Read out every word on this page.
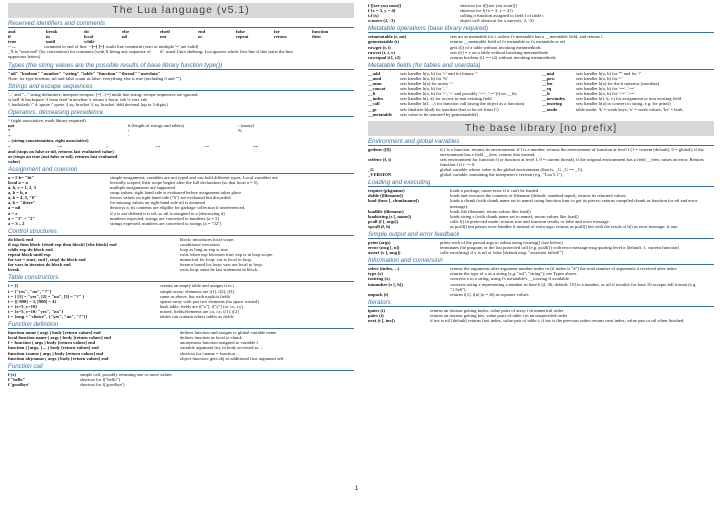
The Lua language (v5.1)
Reserved identifiers and comments
and	break	do	else	elseif	end	false	for	function
if	in	local	nil	not	or	repeat	return	then
true	until	while
-- ...	comment to end of line --[=[ ]=] multi line comment (zero or multiple '=' are valid)
_X is "reserved" (by convention) for constants (with X being any sequence of uppercase letters)
#! usual Unix shebang; Lua ignores whole first line if this starts the line.
Types (the string values are the possible results of base library function type())
"nil" "boolean" "number" "string" "table" "function" "thread" "userdata"
Note: for type boolean, nil and false count as false; everything else is true (including 0 and "").
Strings and escape sequences
'...' and "..." string delimiters; interpret escapes. [=[...]=] multi line string; escape sequences are ignored.
\a bell \b backspace \f form feed \n newline \r return \t horiz. tab \v vert. tab
\\ backslash \" d. quote \' quote \[ sq. bracket \] sq. bracket \ddd decimal (up to 3 digits)
Operators, decreasing precedence
^ (right associative, math library required)
not	# (length of strings and tables)	- (unary)
*	/	%
+	-
.. (string concatenation, right associative)
<	<=	>	>=	~=	==
and (stops on false or nil, returns last evaluated value)
or (stops on true (not false or nil), returns last evaluated value)
Assignment and coercion
a = 5 b= "hi"	simple assignment; variables are not typed and can hold different types. Local variables are
local a = a	lexically scoped; their scope begins after the full declaration (so that local a = 5).
a, b, c = 1, 2, 3	multiple assignments are supported
a, b = b, a	swap values: right hand side is evaluated before assignment takes place
a, b = 4, 5, "6"	excess values on right hand side ("6") are evaluated but discarded
a, b = "there"	for missing values on right hand side nil is assumed
a = nil	destroys a; its contents are eligible for garbage collection if unreferenced.
a = z	if z is not defined it is nil, so nil is assigned to a (destroying it)
a = "3" + "2"	numbers expected, strings are converted to numbers (a = 5)
a = 3 .. 2	strings expected, numbers are converted to strings (a = "32")
Control structures
do block end	block; introduces local scope.
if exp then block {elseif exp then block} [else block] end	conditional execution
while exp do block end	loop as long as exp is true
repeat block until exp	exits when exp becomes true; exp is in loop scope.
for var = start, end [, step] do block end	numerical for loop; var is local to loop.
for vars in iterator do block end	iterator based for loop; vars are local to loop.
break	exits loop; must be last statement in block.
Table constructors
t = {}	creates an empty table and assigns it to t
t = {"yes", "no", "?"}	simple array; elements are t[1], t[2], t[3].
t = { [1] = "yes", [2] = "no", [3] = "?" }	same as above, but with explicit fields
t = {[-900] = 3, [900] = 4}	sparse array with just two elements (no space wasted)
t = {x=5, y=10}	hash table, fields are t["x"], t["y"] (or t.x, t.y)
t = {x=5, y=10; "yes", "no"}	mixed, fields/elements are t.x, t.y, t[1], t[2]
t = {msg = "choice", {"yes", "no", "?"}}	tables can contain others tables as fields
Function definition
function name ( args ) body [return values] end	defines function and assigns to global variable name
local function name ( args ) body [return values] end	defines function as local to chunk
f = function ( args ) body [return values] end	anonymous function assigned to variable f
function ( [args, ] ... ) body [return values] end	variable argument list, in body accessed as ...
function t.name ( args ) body [return values] end	shortcut for t.name = function ...
function obj:name ( args ) body [return values] end	object function, gets obj as additional first argument self
Function call
f (x)	simple call, possibly returning one or more values
f "hello"	shortcut for f("hello")
f 'goodbye'	shortcut for f('goodbye')
1
f [[see you soon]]	shortcut for f([[see you soon]])
f {x = 3, y = 4}	shortcut for f({x = 3, y = 4})
t.f (x)	calling a function assigned to field f of table t
x:move (2, -3)	object call: shortcut for x.move(x, 2, -3)
Metatable operations (base library required)
setmetatable (t, mt)	sets mt as metatable for t, unless t's metatable has a __metatable field, and returns t
getmetatable (t)	returns __metatable field of t's metatable or t's metatable or nil
rawget (t, i)	gets t[i] of a table without invoking metamethods
rawset (t, i, v)	sets t[i] = v on a table without invoking metamethods
rawequal (t1, t2)	returns boolean (t1 == t2) without invoking metamethods
Metatable fields (for tables and userdata)
__add	sets handler h(a, b) for '+' and for binary '-'	__mul	sets handler h(a, b) for '*' and for '/'
__mod	sets handler h(a, b) for '%'	__pow	sets handler h(a, b) for '^'
__unm	sets handler h(a) for unary '-'	__len	sets handler h(a) for the # operator (userdata)
__concat	sets handler h(a, b) for '..'	__eq	sets handler h(a, b) for '==', '~='
__lt	sets handler h(a, b) for '<', '>' and possibly '<=', '>=' (if no __le)	__le	sets handler h(a, b) for '<=', '>='
__index	sets handler h(t, k) for access to non existing field	__newindex	sets handler h(t, k, v) for assignment to non existing field
__call	sets handler h(f, ...) for function call (using the object as a function)	__tostring	sets handler h(a) to convert to string, e.g. for print()
__gc	sets finalizer h(ud) for userdata (has to be set from C)	__mode	table mode: 'k' = weak keys; 'v' = weak values; 'kv' = both.
__metatable	sets value to be returned by getmetatable()
The base library [no prefix]
Environment and global variables
getfenv ([f])	if f is a function, returns its environment; if f is a number, returns the environment of function at level f (1 = current [default], 0 = global); if the environment has a field __fenv, returns that instead.
setfenv (f, t)	sets environment for function f (or function at level f, 0 = current thread); if the original environment has a field __fenv, raises an error. Returns function f if f ~= 0.
_G	global variable whose value is the global environment (that is, _G._G == _G)
_VERSION	global variable containing the interpreter's version (e.g. "Lua 5.1")
Loading and executing
require (pkgname)	loads a package, raises error if it can't be loaded
dofile ([filename])	loads and executes the contents of filename [default: standard input]; returns its returned values.
load (func [, chunkname])	loads a chunk (with chunk name set to name) using function func to get its pieces; returns compiled chunk as function (or nil and error message).
loadfile (filename)	loads file filename; return values like load()
loadstring (s [, name])	loads string s (with chunk name set to name); return values like load()
pcall (f [, args])	calls f() in protected mode; returns true and function results or false and error message.
xpcall (f, h)	as pcall() but passes error handler h instead of extra args; returns as pcall() but with the result of h() as error message, if any.
Simple output and error feedback
print (args)	prints each of the passed args to stdout using tostring() (see below)
error (msg [, n])	terminates the program or the last protected call (e.g. pcall()) with error message msg quoting level n [default: 1, current function]
assert (v [, msg])	calls error(msg) if v is nil or false [default msg: "assertion failed!"]
Information and conversion
select (index, ...)	returns the arguments after argument number index or (if index is "#") the total number of arguments it received after index
type (x)	returns the type of x as a string (e.g. "nil", "string"); see Types above.
tostring (x)	converts x to a string, using t's metatable's __tostring if available
tonumber (x [, b])	converts string x representing a number in base b [2, 36, default: 10] to a number, or nil if invalid; for base 10 accepts full format (e.g. "1.5e6").
unpack (t)	returns t[1], t[n] (n = #t) as separate values
Iterators
ipairs (t)	returns an iterator getting index, value pairs of array t in numerical order
pairs (t)	returns an iterator getting key, value pairs of table t in an unspecified order
next (t [, inx])	if inx is nil [default] returns first index, value pair of table t; if inx is the previous index returns next index, value pair or nil when finished.
